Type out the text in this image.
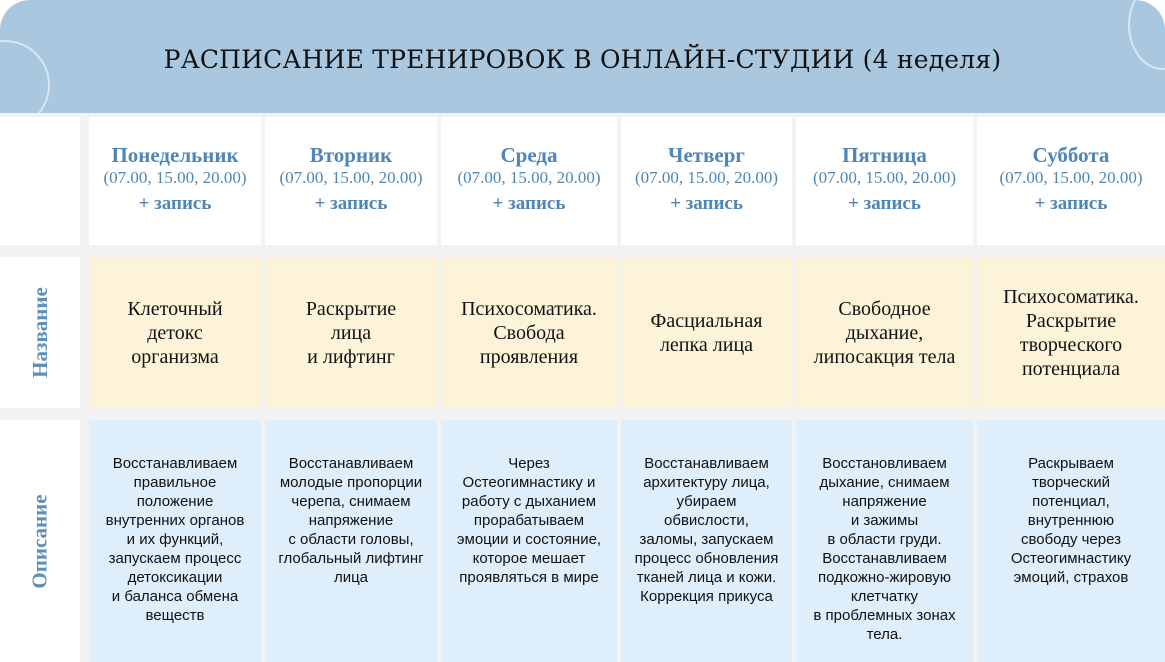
РАСПИСАНИЕ ТРЕНИРОВОК В ОНЛАЙН-СТУДИИ (4 неделя)
Название
Описание
Понедельник
(07.00, 15.00, 20.00)
+ запись
Клеточный
детокс
организма
Восстанавливаем
правильное
положение
внутренних органов
и их функций,
запускаем процесс
детоксикации
и баланса обмена
веществ
Вторник
(07.00, 15.00, 20.00)
+ запись
Раскрытие
лица
и лифтинг
Восстанавливаем
молодые пропорции
черепа, снимаем
напряжение
с области головы,
глобальный лифтинг
лица
Среда
(07.00, 15.00, 20.00)
+ запись
Психосоматика.
Свобода
проявления
Через
Остеогимнастику и
работу с дыханием
прорабатываем
эмоции и состояние,
которое мешает
проявляться в мире
Четверг
(07.00, 15.00, 20.00)
+ запись
Фасциальная
лепка лица
Восстанавливаем
архитектуру лица,
убираем
обвислости,
заломы, запускаем
процесс обновления
тканей лица и кожи.
Коррекция прикуса
Пятница
(07.00, 15.00, 20.00)
+ запись
Свободное
дыхание,
липосакция тела
Восстановливаем
дыхание, снимаем
напряжение
и зажимы
в области груди.
Восстанавливаем
подкожно-жировую
клетчатку
в проблемных зонах
тела.
Суббота
(07.00, 15.00, 20.00)
+ запись
Психосоматика.
Раскрытие
творческого
потенциала
Раскрываем
творческий
потенциал,
внутреннюю
свободу через
Остеогимнастику
эмоций, страхов
